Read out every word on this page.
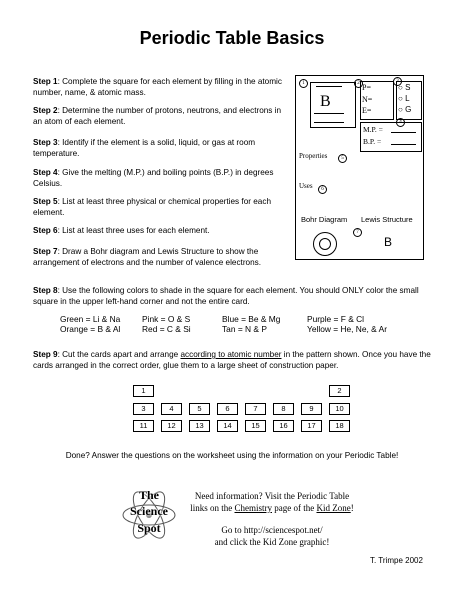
Periodic Table Basics
Step 1: Complete the square for each element by filling in the atomic number, name, & atomic mass.
Step 2: Determine the number of protons, neutrons, and electrons in an atom of each element.
Step 3: Identify if the element is a solid, liquid, or gas at room temperature.
Step 4: Give the melting (M.P.) and boiling points (B.P.) in degrees Celsius.
Step 5: List at least three physical or chemical properties for each element.
Step 6: List at least three uses for each element.
Step 7: Draw a Bohr diagram and Lewis Structure to show the arrangement of electrons and the number of valence electrons.
1
B
2 P=
N=
E=
3
○ S
○ L
○ G
4
M.P. =
B.P. =
Properties	5
Uses	6
Bohr Diagram Lewis Structure
7
B
Step 8: Use the following colors to shade in the square for each element. You should ONLY color the small square in the upper left-hand corner and not the entire card.
Green = Li & Na	Pink = O & S	Blue = Be & Mg	Purple = F & Cl
Orange = B & Al	Red = C & Si	Tan = N & P	Yellow = He, Ne, & Ar
Step 9: Cut the cards apart and arrange according to atomic number in the pattern shown. Once you have the cards arranged in the correct order, glue them to a large sheet of construction paper.
1	2
3	4	5	6	7	8	9	10
11	12	13	14	15	16	17	18
Done? Answer the questions on the worksheet using the information on your Periodic Table!
The
Science
Spot
Need information? Visit the Periodic Table
links on the Chemistry page of the Kid Zone!
Go to http://sciencespot.net/
and click the Kid Zone graphic!
T. Trimpe 2002
